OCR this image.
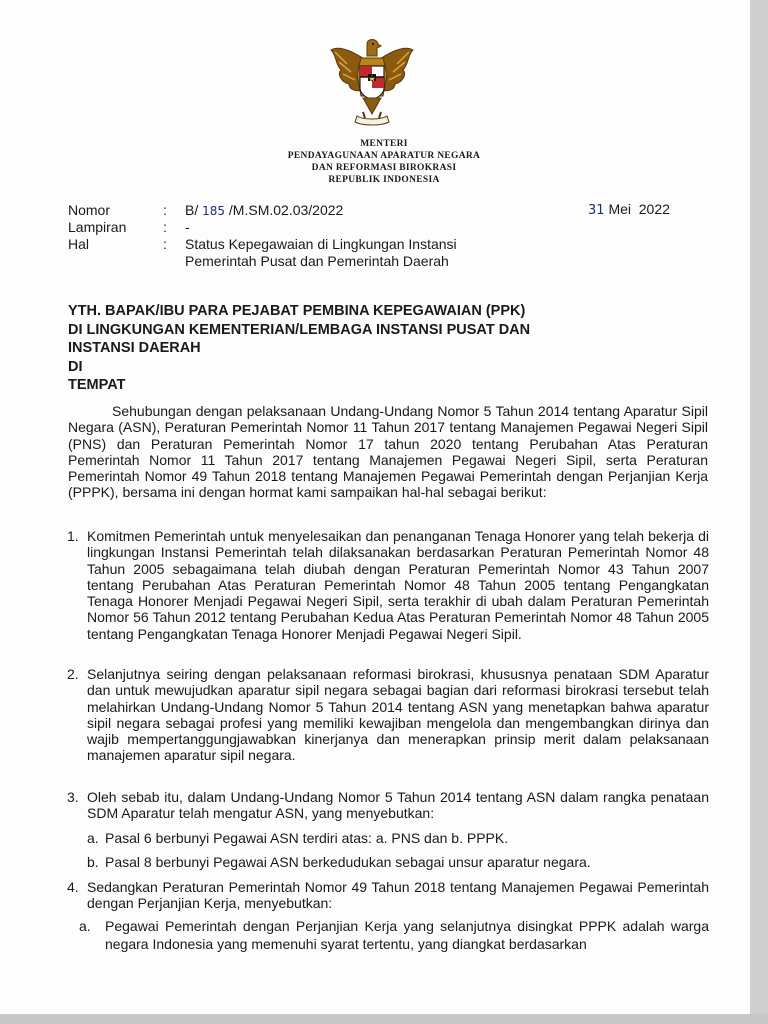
MENTERI
PENDAYAGUNAAN APARATUR NEGARA
DAN REFORMASI BIROKRASI
REPUBLIK INDONESIA
Nomor	: B/ 185 /M.SM.02.03/2022
Lampiran	: -
Hal	: Status Kepegawaian di Lingkungan Instansi
Pemerintah Pusat dan Pemerintah Daerah
31 Mei  2022
YTH. BAPAK/IBU PARA PEJABAT PEMBINA KEPEGAWAIAN (PPK)
DI LINGKUNGAN KEMENTERIAN/LEMBAGA INSTANSI PUSAT DAN
INSTANSI DAERAH
DI
TEMPAT
Sehubungan dengan pelaksanaan Undang-Undang Nomor 5 Tahun 2014 tentang Aparatur Sipil Negara (ASN), Peraturan Pemerintah Nomor 11 Tahun 2017 tentang Manajemen Pegawai Negeri Sipil (PNS) dan Peraturan Pemerintah Nomor 17 tahun 2020 tentang Perubahan Atas Peraturan Pemerintah Nomor 11 Tahun 2017 tentang Manajemen Pegawai Negeri Sipil, serta Peraturan Pemerintah Nomor 49 Tahun 2018 tentang Manajemen Pegawai Pemerintah dengan Perjanjian Kerja (PPPK), bersama ini dengan hormat kami sampaikan hal-hal sebagai berikut:
1. Komitmen Pemerintah untuk menyelesaikan dan penanganan Tenaga Honorer yang telah bekerja di lingkungan Instansi Pemerintah telah dilaksanakan berdasarkan Peraturan Pemerintah Nomor 48 Tahun 2005 sebagaimana telah diubah dengan Peraturan Pemerintah Nomor 43 Tahun 2007 tentang Perubahan Atas Peraturan Pemerintah Nomor 48 Tahun 2005 tentang Pengangkatan Tenaga Honorer Menjadi Pegawai Negeri Sipil, serta terakhir di ubah dalam Peraturan Pemerintah Nomor 56 Tahun 2012 tentang Perubahan Kedua Atas Peraturan Pemerintah Nomor 48 Tahun 2005 tentang Pengangkatan Tenaga Honorer Menjadi Pegawai Negeri Sipil.
2. Selanjutnya seiring dengan pelaksanaan reformasi birokrasi, khususnya penataan SDM Aparatur dan untuk mewujudkan aparatur sipil negara sebagai bagian dari reformasi birokrasi tersebut telah melahirkan Undang-Undang Nomor 5 Tahun 2014 tentang ASN yang menetapkan bahwa aparatur sipil negara sebagai profesi yang memiliki kewajiban mengelola dan mengembangkan dirinya dan wajib mempertanggungjawabkan kinerjanya dan menerapkan prinsip merit dalam pelaksanaan manajemen aparatur sipil negara.
3. Oleh sebab itu, dalam Undang-Undang Nomor 5 Tahun 2014 tentang ASN dalam rangka penataan SDM Aparatur telah mengatur ASN, yang menyebutkan:
a. Pasal 6 berbunyi Pegawai ASN terdiri atas: a. PNS dan b. PPPK.
b. Pasal 8 berbunyi Pegawai ASN berkedudukan sebagai unsur aparatur negara.
4. Sedangkan Peraturan Pemerintah Nomor 49 Tahun 2018 tentang Manajemen Pegawai Pemerintah dengan Perjanjian Kerja, menyebutkan:
a. Pegawai Pemerintah dengan Perjanjian Kerja yang selanjutnya disingkat PPPK adalah warga negara Indonesia yang memenuhi syarat tertentu, yang diangkat berdasarkan
